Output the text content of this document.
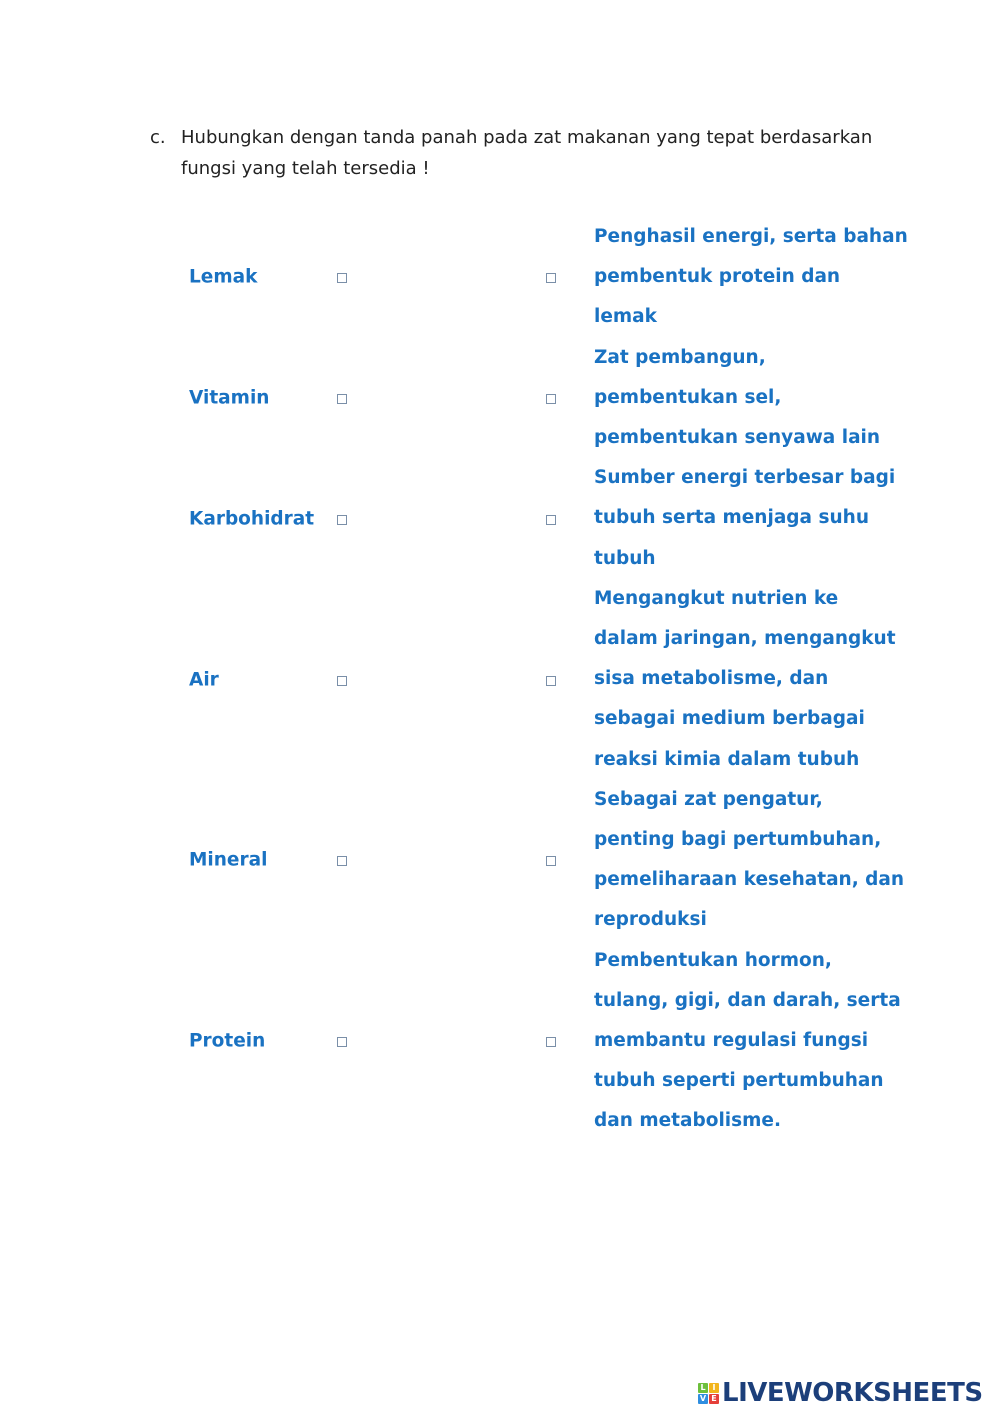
c. Hubungkan dengan tanda panah pada zat makanan yang tepat berdasarkan fungsi yang telah tersedia !
Lemak
Vitamin
Karbohidrat
Air
Mineral
Protein
Penghasil energi, serta bahan
pembentuk protein dan
lemak
Zat pembangun,
pembentukan sel,
pembentukan senyawa lain
Sumber energi terbesar bagi
tubuh serta menjaga suhu
tubuh
Mengangkut nutrien ke
dalam jaringan, mengangkut
sisa metabolisme, dan
sebagai medium berbagai
reaksi kimia dalam tubuh
Sebagai zat pengatur,
penting bagi pertumbuhan,
pemeliharaan kesehatan, dan
reproduksi
Pembentukan hormon,
tulang, gigi, dan darah, serta
membantu regulasi fungsi
tubuh seperti pertumbuhan
dan metabolisme.
L I
V E LIVEWORKSHEETS
